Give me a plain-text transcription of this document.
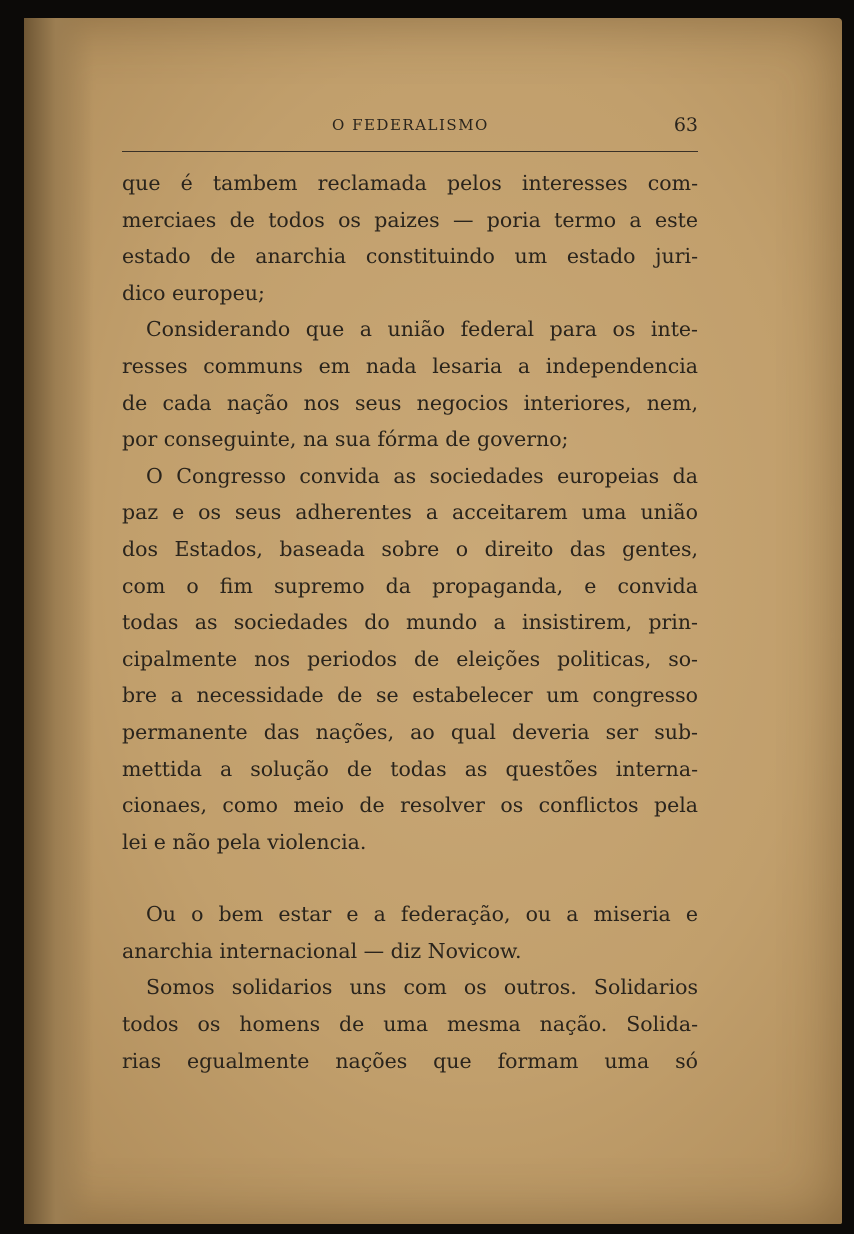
O FEDERALISMO	63
que é tambem reclamada pelos interesses com-
merciaes de todos os paizes — poria termo a este
estado de anarchia constituindo um estado juri-
dico europeu;
Considerando que a união federal para os inte-
resses communs em nada lesaria a independencia
de cada nação nos seus negocios interiores, nem,
por conseguinte, na sua fórma de governo;
O Congresso convida as sociedades europeias da
paz e os seus adherentes a acceitarem uma união
dos Estados, baseada sobre o direito das gentes,
com o fim supremo da propaganda, e convida
todas as sociedades do mundo a insistirem, prin-
cipalmente nos periodos de eleições politicas, so-
bre a necessidade de se estabelecer um congresso
permanente das nações, ao qual deveria ser sub-
mettida a solução de todas as questões interna-
cionaes, como meio de resolver os conflictos pela
lei e não pela violencia.
Ou o bem estar e a federação, ou a miseria e
anarchia internacional — diz Novicow.
Somos solidarios uns com os outros. Solidarios
todos os homens de uma mesma nação. Solida-
rias egualmente nações que formam uma só
